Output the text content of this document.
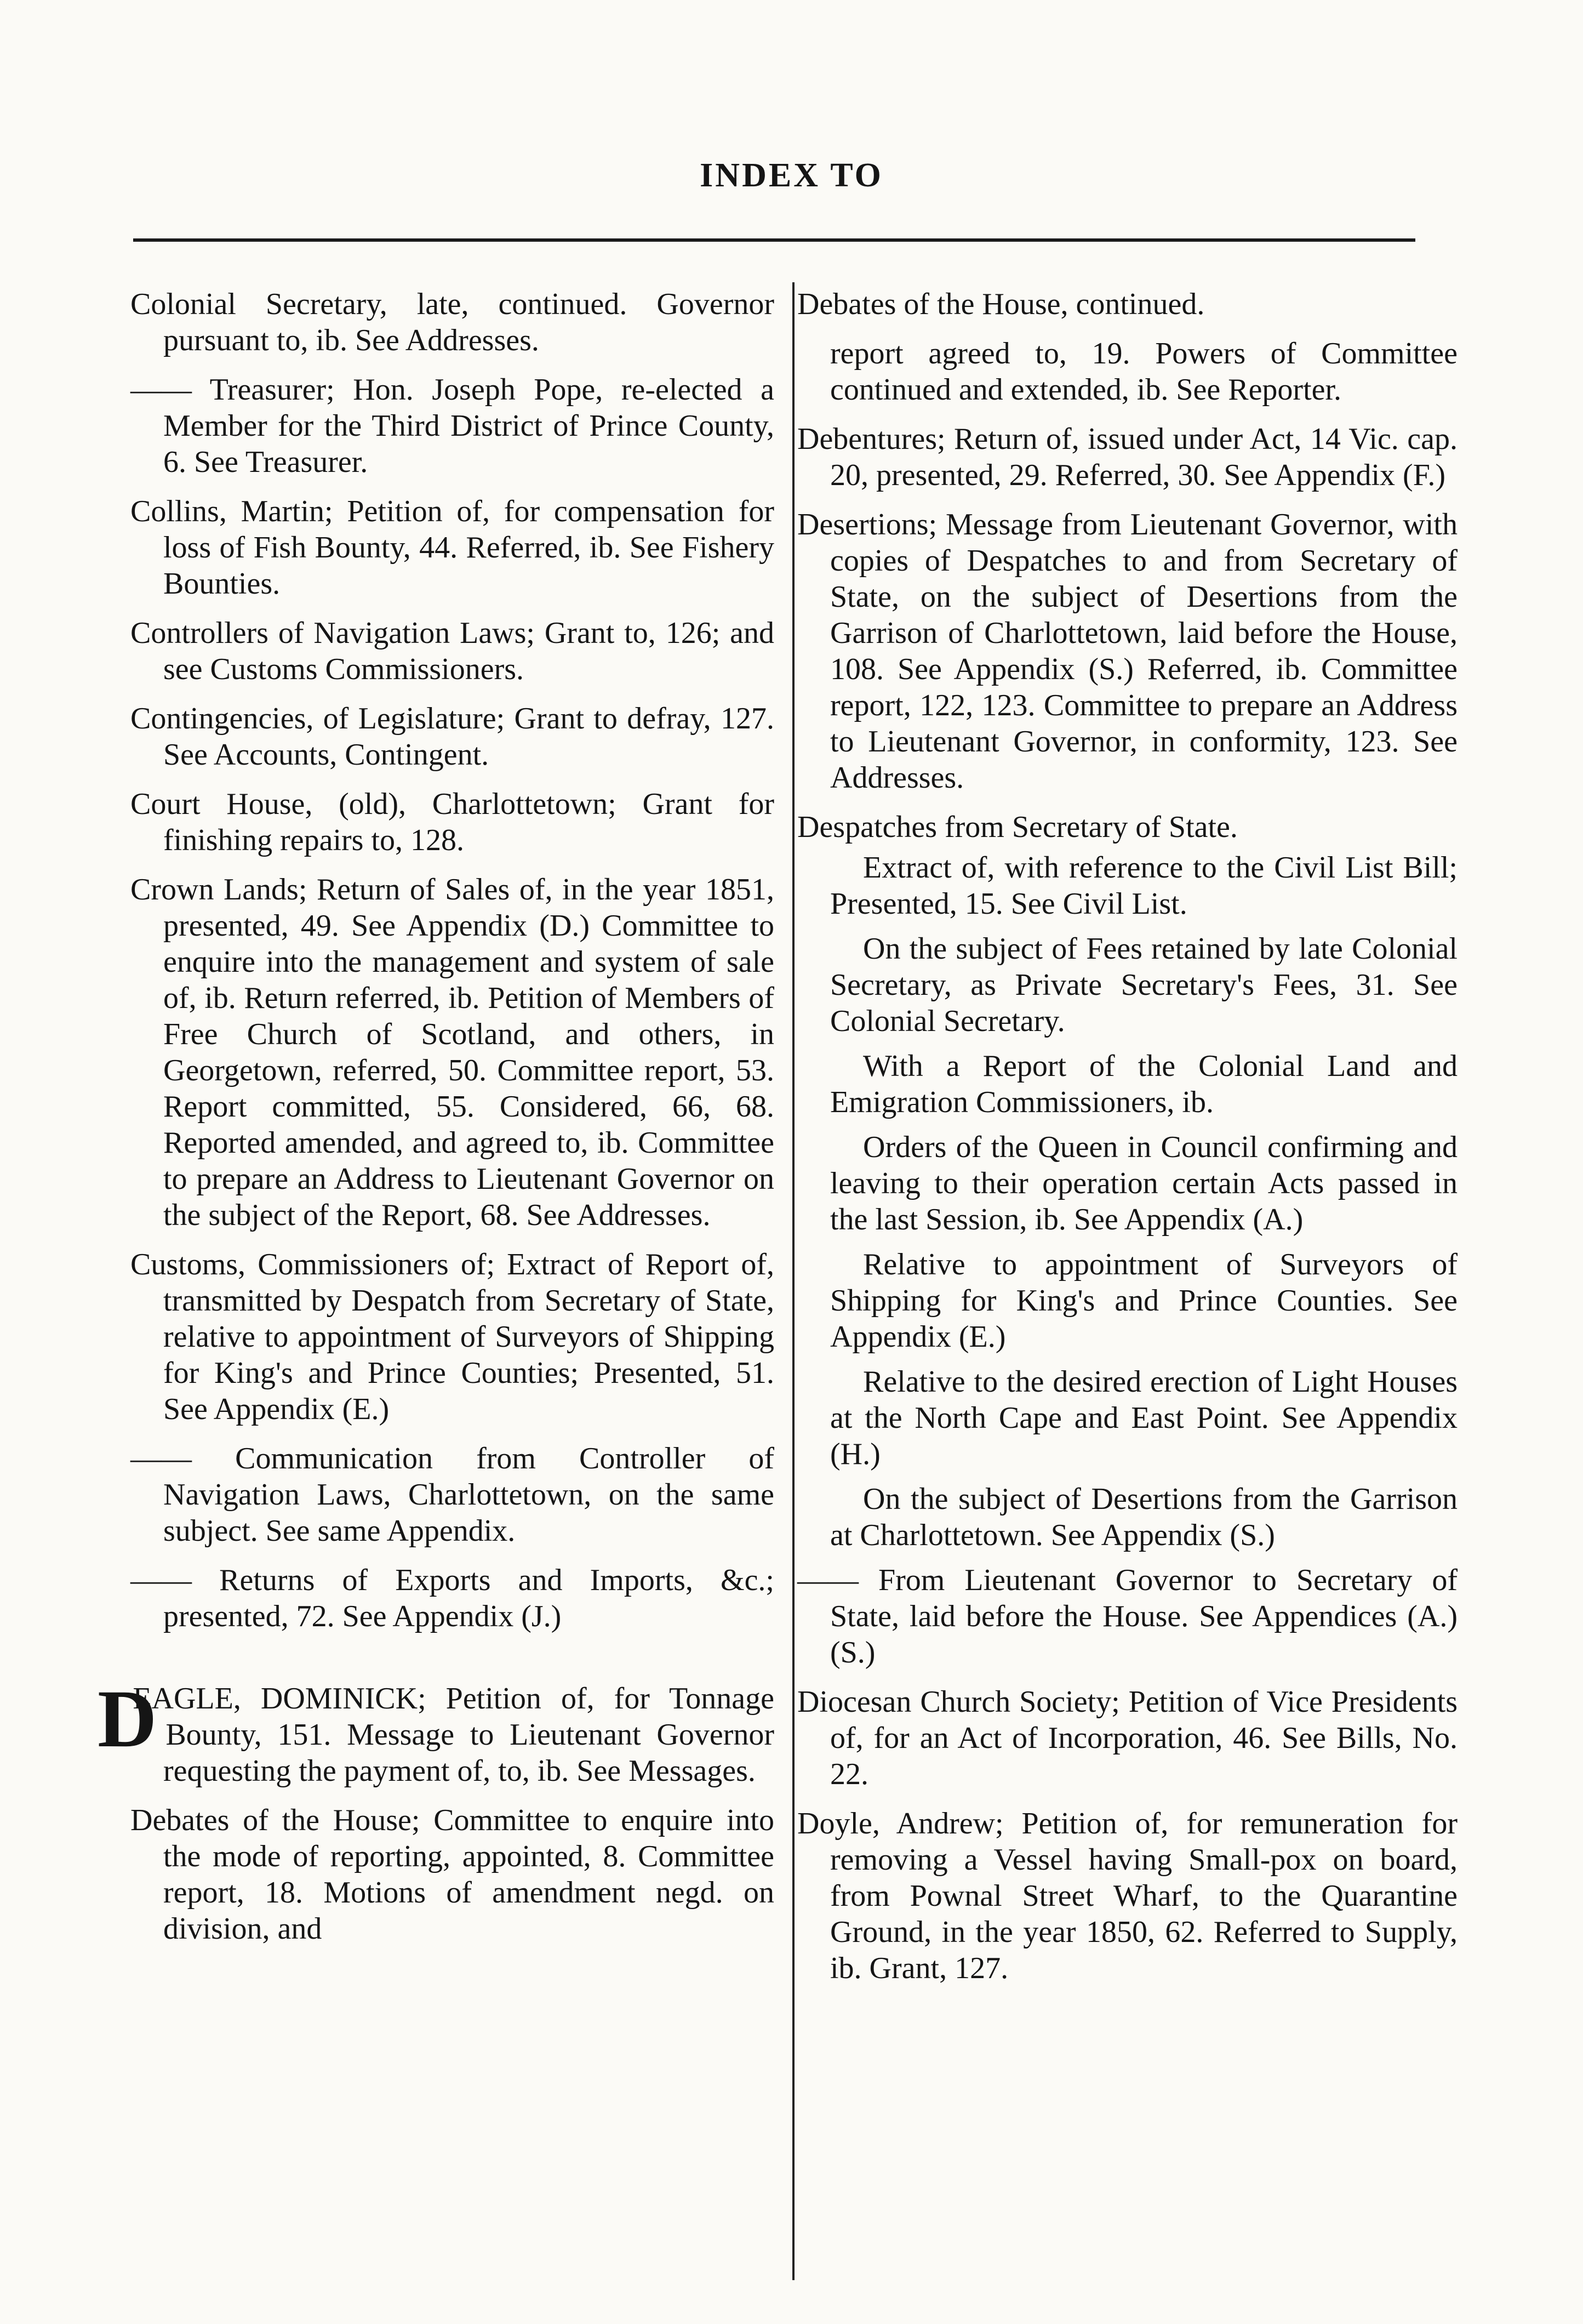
INDEX TO

Colonial Secretary, late, continued. Governor pursuant to, ib. See Addresses.

—— Treasurer; Hon. Joseph Pope, re-elected a Member for the Third District of Prince County, 6. See Treasurer.

Collins, Martin; Petition of, for compensation for loss of Fish Bounty, 44. Referred, ib. See Fishery Bounties.

Controllers of Navigation Laws; Grant to, 126; and see Customs Commissioners.

Contingencies, of Legislature; Grant to defray, 127. See Accounts, Contingent.

Court House, (old), Charlottetown; Grant for finishing repairs to, 128.

Crown Lands; Return of Sales of, in the year 1851, presented, 49. See Appendix (D.) Committee to enquire into the management and system of sale of, ib. Return referred, ib. Petition of Members of Free Church of Scotland, and others, in Georgetown, referred, 50. Committee report, 53. Report committed, 55. Considered, 66, 68. Reported amended, and agreed to, ib. Committee to prepare an Address to Lieutenant Governor on the subject of the Report, 68. See Addresses.

Customs, Commissioners of; Extract of Report of, transmitted by Despatch from Secretary of State, relative to appointment of Surveyors of Shipping for King's and Prince Counties; Presented, 51. See Appendix (E.)

—— Communication from Controller of Navigation Laws, Charlottetown, on the same subject. See same Appendix.

—— Returns of Exports and Imports, &c.; presented, 72. See Appendix (J.)

D
EAGLE, DOMINICK; Petition of, for Tonnage Bounty, 151. Message to Lieutenant Governor requesting the payment of, to, ib. See Messages.

Debates of the House; Committee to enquire into the mode of reporting, appointed, 8. Committee report, 18. Motions of amendment negd. on division, and

Debates of the House, continued.

report agreed to, 19. Powers of Committee continued and extended, ib. See Reporter.

Debentures; Return of, issued under Act, 14 Vic. cap. 20, presented, 29. Referred, 30. See Appendix (F.)

Desertions; Message from Lieutenant Governor, with copies of Despatches to and from Secretary of State, on the subject of Desertions from the Garrison of Charlottetown, laid before the House, 108. See Appendix (S.) Referred, ib. Committee report, 122, 123. Committee to prepare an Address to Lieutenant Governor, in conformity, 123. See Addresses.

Despatches from Secretary of State.

Extract of, with reference to the Civil List Bill; Presented, 15. See Civil List.

On the subject of Fees retained by late Colonial Secretary, as Private Secretary's Fees, 31. See Colonial Secretary.

With a Report of the Colonial Land and Emigration Commissioners, ib.

Orders of the Queen in Council confirming and leaving to their operation certain Acts passed in the last Session, ib. See Appendix (A.)

Relative to appointment of Surveyors of Shipping for King's and Prince Counties. See Appendix (E.)

Relative to the desired erection of Light Houses at the North Cape and East Point. See Appendix (H.)

On the subject of Desertions from the Garrison at Charlottetown. See Appendix (S.)

—— From Lieutenant Governor to Secretary of State, laid before the House. See Appendices (A.) (S.)

Diocesan Church Society; Petition of Vice Presidents of, for an Act of Incorporation, 46. See Bills, No. 22.

Doyle, Andrew; Petition of, for remuneration for removing a Vessel having Small-pox on board, from Pownal Street Wharf, to the Quarantine Ground, in the year 1850, 62. Referred to Supply, ib. Grant, 127.
